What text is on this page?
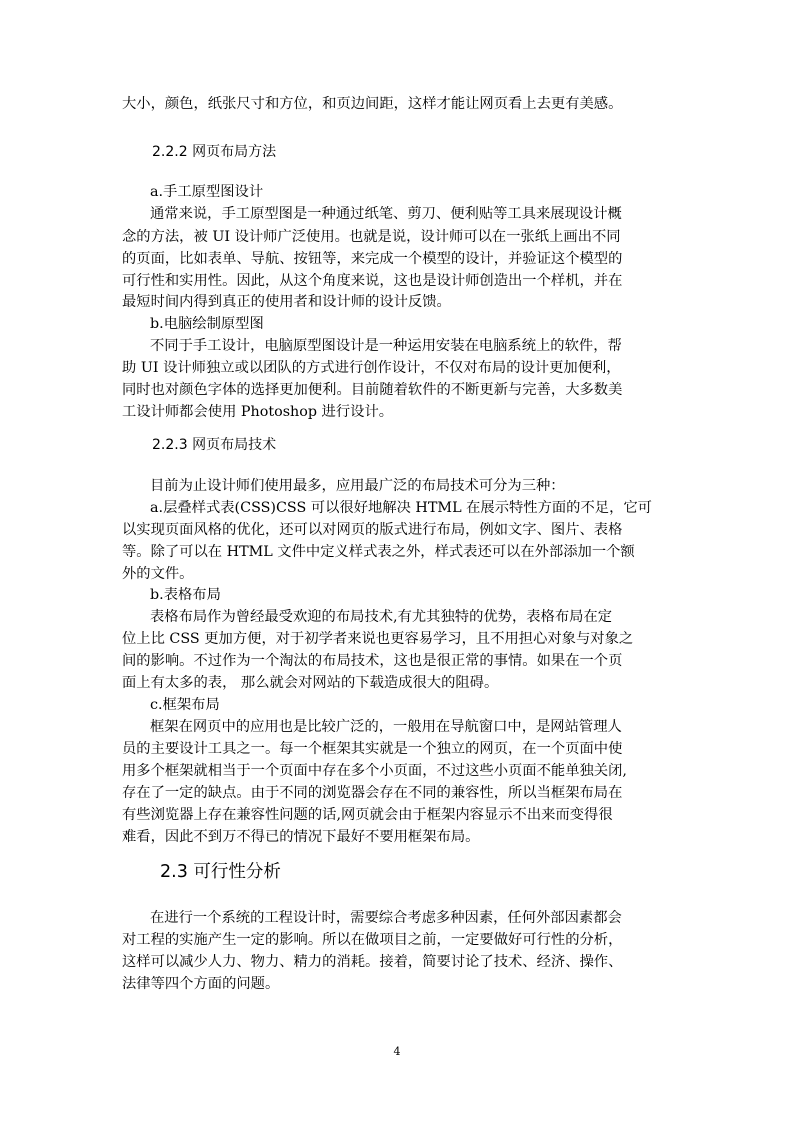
大小，颜色，纸张尺寸和方位，和页边间距，这样才能让网页看上去更有美感。
2.2.2 网页布局方法
a.手工原型图设计
通常来说，手工原型图是一种通过纸笔、剪刀、便利贴等工具来展现设计概
念的方法，被 UI 设计师广泛使用。也就是说，设计师可以在一张纸上画出不同
的页面，比如表单、导航、按钮等，来完成一个模型的设计，并验证这个模型的
可行性和实用性。因此，从这个角度来说，这也是设计师创造出一个样机，并在
最短时间内得到真正的使用者和设计师的设计反馈。
b.电脑绘制原型图
不同于手工设计，电脑原型图设计是一种运用安装在电脑系统上的软件，帮
助 UI 设计师独立或以团队的方式进行创作设计，不仅对布局的设计更加便利，
同时也对颜色字体的选择更加便利。目前随着软件的不断更新与完善，大多数美
工设计师都会使用 Photoshop 进行设计。
2.2.3 网页布局技术
目前为止设计师们使用最多，应用最广泛的布局技术可分为三种：
a.层叠样式表(CSS)CSS 可以很好地解决 HTML 在展示特性方面的不足，它可
以实现页面风格的优化，还可以对网页的版式进行布局，例如文字、图片、表格
等。除了可以在 HTML 文件中定义样式表之外，样式表还可以在外部添加一个额
外的文件。
b.表格布局
表格布局作为曾经最受欢迎的布局技术,有尤其独特的优势，表格布局在定
位上比 CSS 更加方便，对于初学者来说也更容易学习，且不用担心对象与对象之
间的影响。不过作为一个淘汰的布局技术，这也是很正常的事情。如果在一个页
面上有太多的表， 那么就会对网站的下载造成很大的阻碍。
c.框架布局
框架在网页中的应用也是比较广泛的，一般用在导航窗口中，是网站管理人
员的主要设计工具之一。每一个框架其实就是一个独立的网页，在一个页面中使
用多个框架就相当于一个页面中存在多个小页面，不过这些小页面不能单独关闭,
存在了一定的缺点。由于不同的浏览器会存在不同的兼容性，所以当框架布局在
有些浏览器上存在兼容性问题的话,网页就会由于框架内容显示不出来而变得很
难看，因此不到万不得已的情况下最好不要用框架布局。
2.3 可行性分析
在进行一个系统的工程设计时，需要综合考虑多种因素，任何外部因素都会
对工程的实施产生一定的影响。所以在做项目之前，一定要做好可行性的分析，
这样可以减少人力、物力、精力的消耗。接着，简要讨论了技术、经济、操作、
法律等四个方面的问题。
4
